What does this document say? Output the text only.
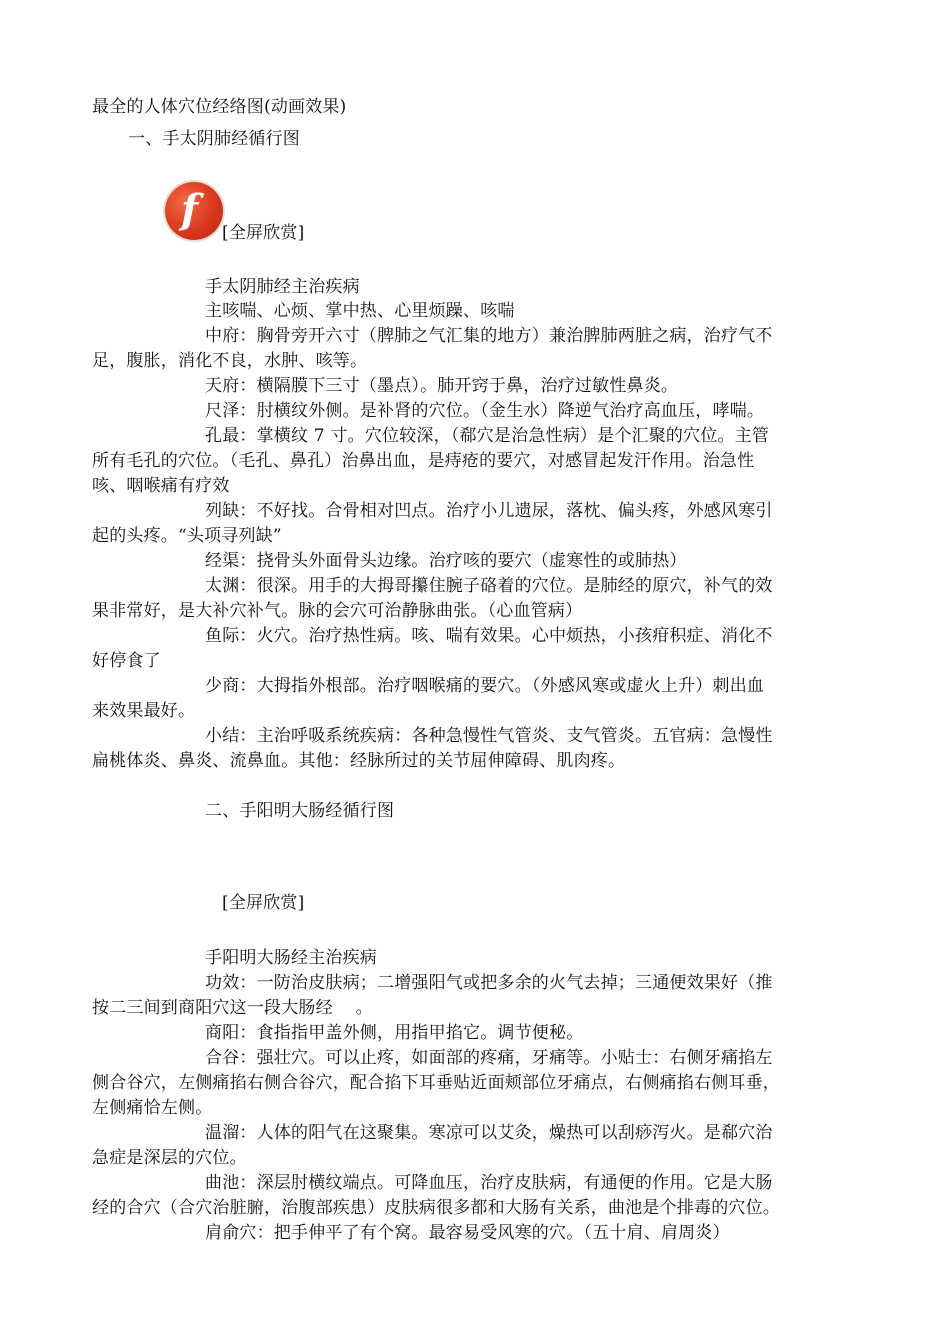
最全的人体穴位经络图(动画效果)
一、手太阴肺经循行图
f [全屏欣赏]
手太阴肺经主治疾病
主咳喘、心烦、掌中热、心里烦躁、咳喘
中府：胸骨旁开六寸（脾肺之气汇集的地方）兼治脾肺两脏之病，治疗气不
足，腹胀，消化不良，水肿、咳等。
天府：横隔膜下三寸（墨点）。肺开窍于鼻，治疗过敏性鼻炎。
尺泽：肘横纹外侧。是补肾的穴位。（金生水）降逆气治疗高血压，哮喘。
孔最：掌横纹 7 寸。穴位较深，（郗穴是治急性病）是个汇聚的穴位。主管
所有毛孔的穴位。（毛孔、鼻孔）治鼻出血，是痔疮的要穴，对感冒起发汗作用。治急性
咳、咽喉痛有疗效
列缺：不好找。合骨相对凹点。治疗小儿遗尿，落枕、偏头疼，外感风寒引
起的头疼。“头项寻列缺”
经渠：挠骨头外面骨头边缘。治疗咳的要穴（虚寒性的或肺热）
太渊：很深。用手的大拇哥攥住腕子硌着的穴位。是肺经的原穴，补气的效
果非常好，是大补穴补气。脉的会穴可治静脉曲张。（心血管病）
鱼际：火穴。治疗热性病。咳、喘有效果。心中烦热，小孩疳积症、消化不
好停食了
少商：大拇指外根部。治疗咽喉痛的要穴。（外感风寒或虚火上升）刺出血
来效果最好。
小结：主治呼吸系统疾病：各种急慢性气管炎、支气管炎。五官病：急慢性
扁桃体炎、鼻炎、流鼻血。其他：经脉所过的关节屈伸障碍、肌肉疼。
二、手阳明大肠经循行图
[全屏欣赏]
手阳明大肠经主治疾病
功效：一防治皮肤病；二增强阳气或把多余的火气去掉；三通便效果好（推
按二三间到商阳穴这一段大肠经　 。
商阳：食指指甲盖外侧，用指甲掐它。调节便秘。
合谷：强壮穴。可以止疼，如面部的疼痛，牙痛等。小贴士：右侧牙痛掐左
侧合谷穴，左侧痛掐右侧合谷穴，配合掐下耳垂贴近面颊部位牙痛点，右侧痛掐右侧耳垂，
左侧痛恰左侧。
温溜：人体的阳气在这聚集。寒凉可以艾灸，燥热可以刮痧泻火。是郗穴治
急症是深层的穴位。
曲池：深层肘横纹端点。可降血压，治疗皮肤病，有通便的作用。它是大肠
经的合穴（合穴治脏腑，治腹部疾患）皮肤病很多都和大肠有关系，曲池是个排毒的穴位。
肩俞穴：把手伸平了有个窝。最容易受风寒的穴。（五十肩、肩周炎）
